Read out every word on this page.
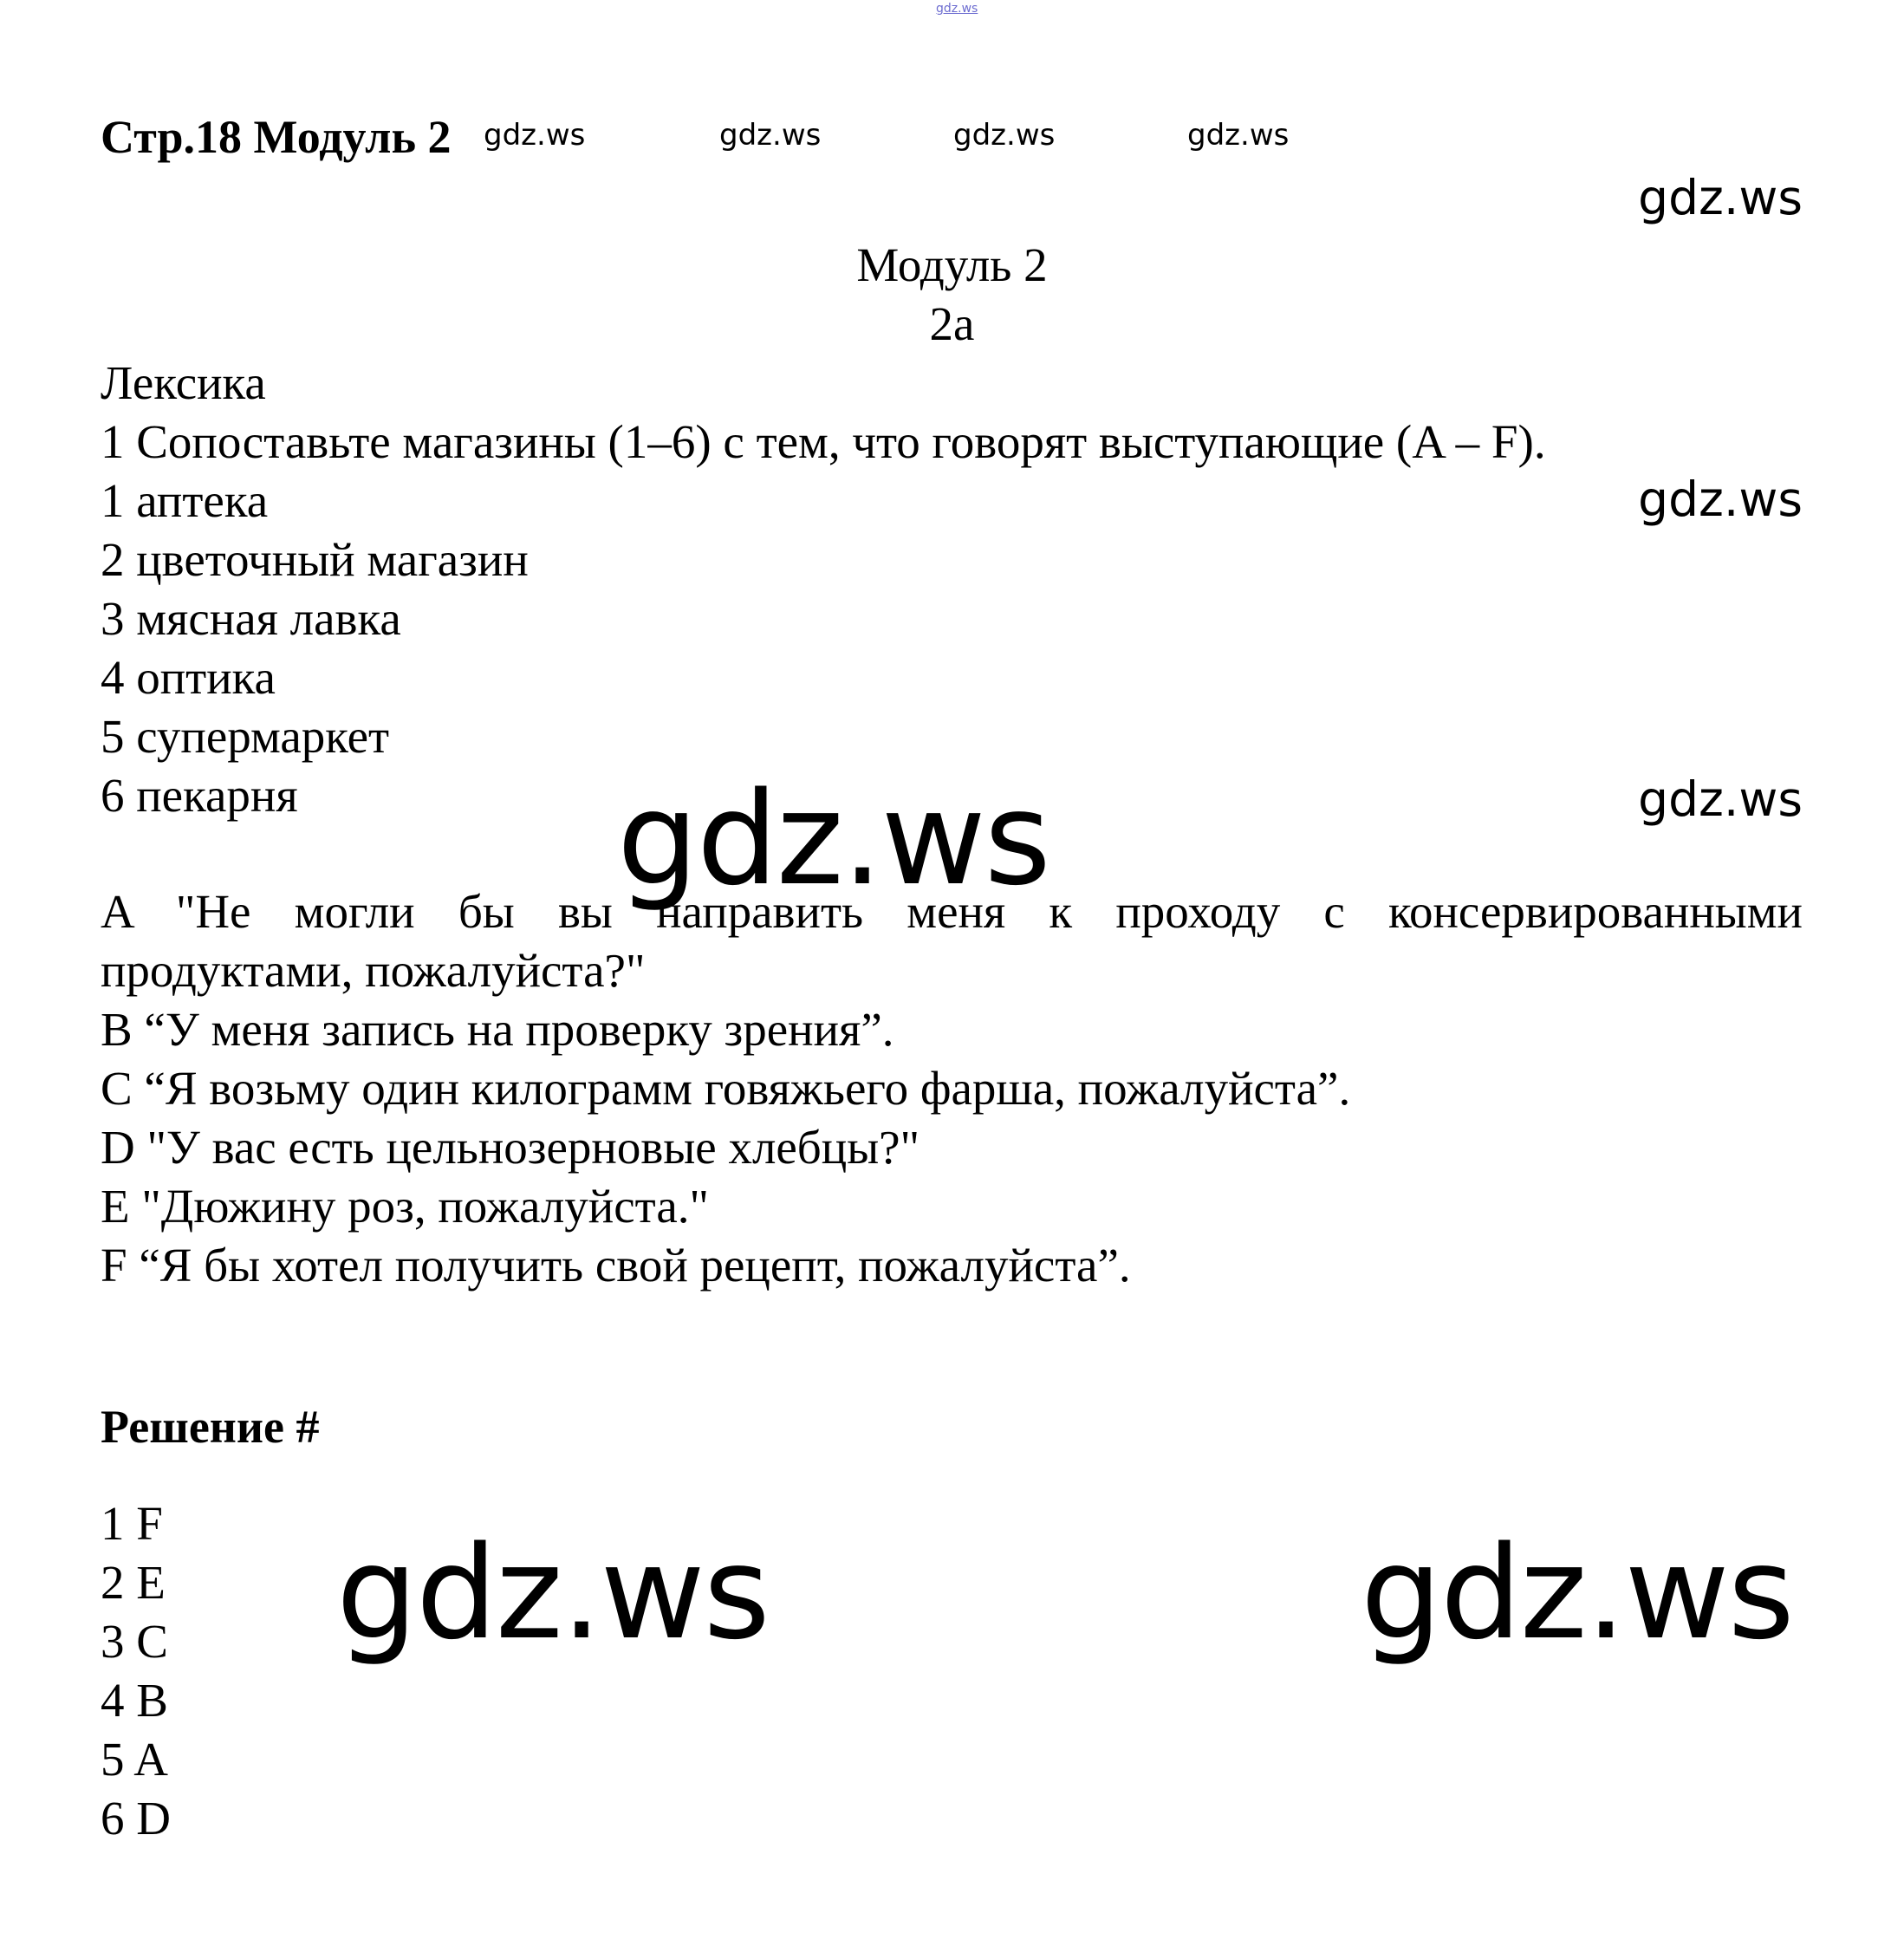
gdz.ws
Стр.18 Модуль 2 gdz.ws	gdz.ws	gdz.ws	gdz.ws
gdz.ws
gdz.ws
gdz.ws
Модуль 2
2а
Лексика
1 Сопоставьте магазины (1–6) с тем, что говорят выступающие (A – F).
1 аптека
2 цветочный магазин
3 мясная лавка
4 оптика
5 супермаркет
6 пекарня
A "Не могли бы вы направить меня к проходу с консервированными
продуктами, пожалуйста?"
B “У меня запись на проверку зрения”.
C “Я возьму один килограмм говяжьего фарша, пожалуйста”.
D "У вас есть цельнозерновые хлебцы?"
E "Дюжину роз, пожалуйста."
F “Я бы хотел получить свой рецепт, пожалуйста”.
gdz.ws
Решение #
1 F
2 E
3 C
4 B
5 A
6 D
gdz.ws	gdz.ws
